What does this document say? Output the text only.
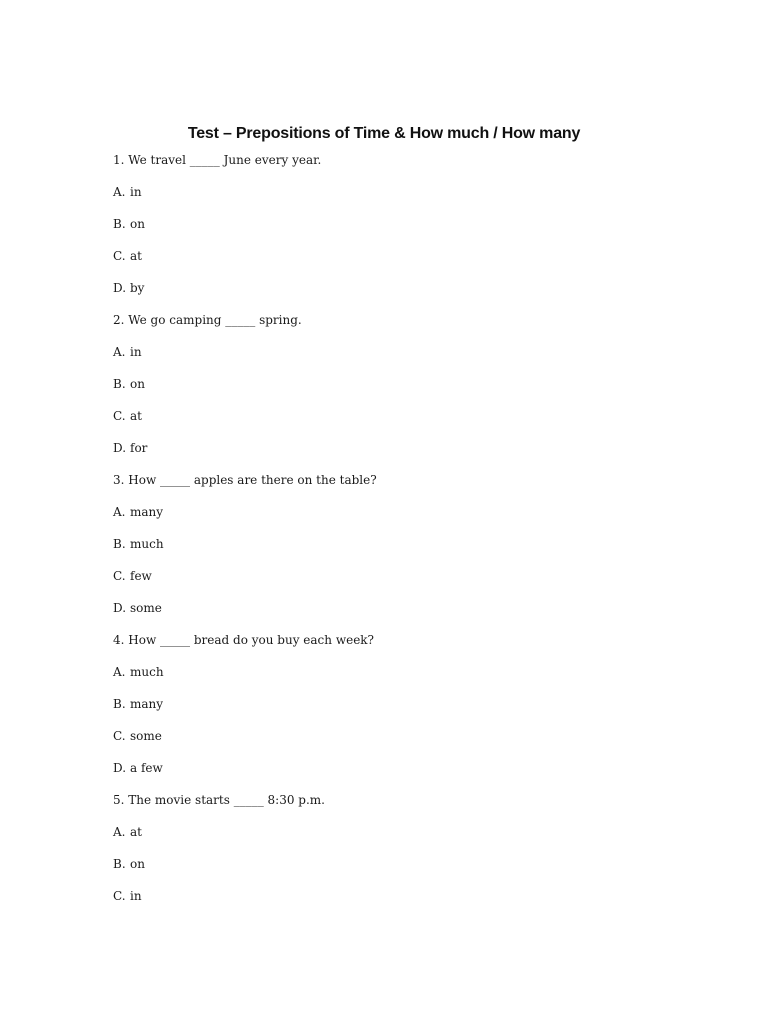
Test – Prepositions of Time & How much / How many
1. We travel _____ June every year.
A. in
B. on
C. at
D. by
2. We go camping _____ spring.
A. in
B. on
C. at
D. for
3. How _____ apples are there on the table?
A. many
B. much
C. few
D. some
4. How _____ bread do you buy each week?
A. much
B. many
C. some
D. a few
5. The movie starts _____ 8:30 p.m.
A. at
B. on
C. in
